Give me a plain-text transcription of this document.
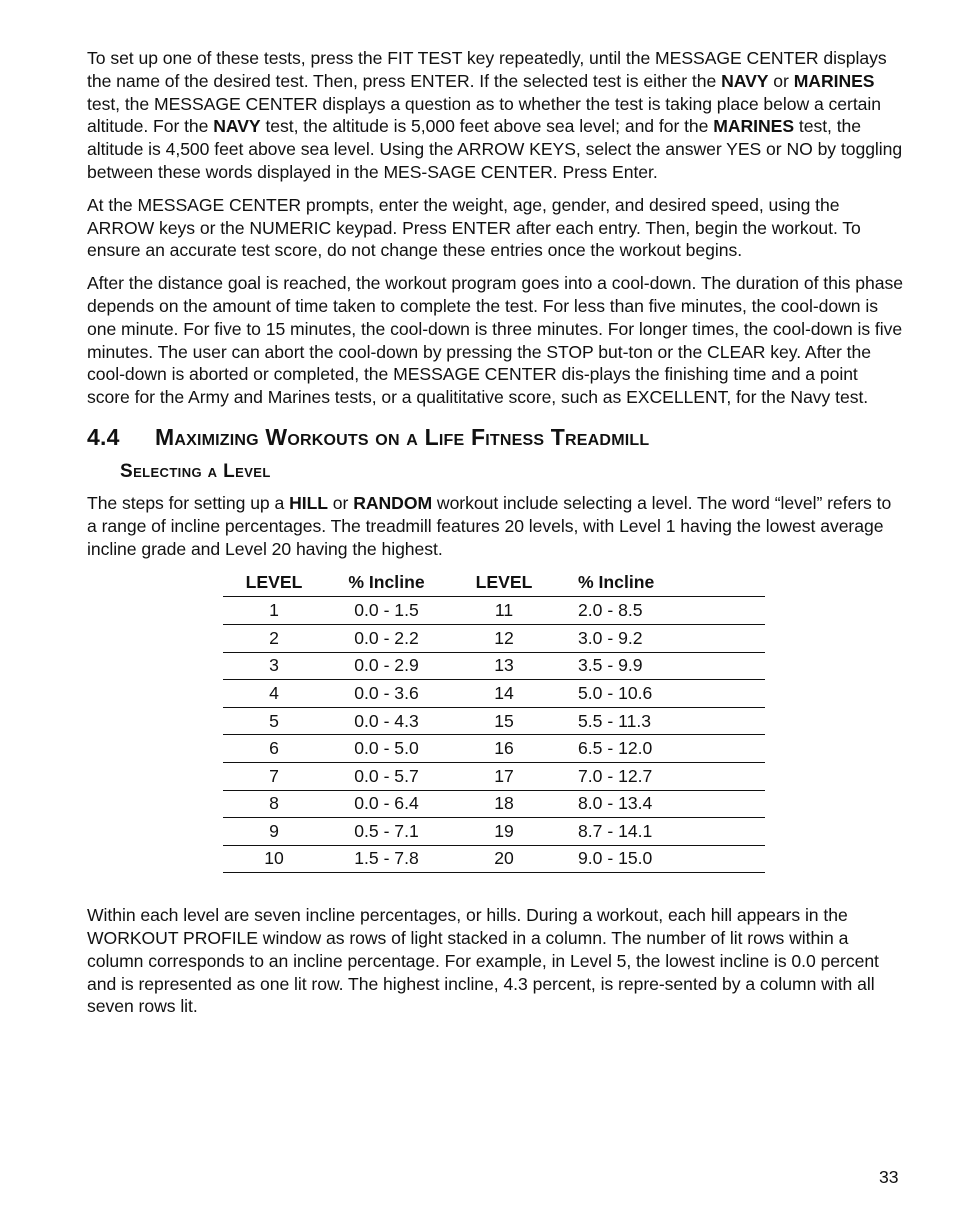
To set up one of these tests, press the FIT TEST key repeatedly, until the MESSAGE CENTER displays the name of the desired test. Then, press ENTER. If the selected test is either the NAVY or MARINES test, the MESSAGE CENTER displays a question as to whether the test is taking place below a certain altitude. For the NAVY test, the altitude is 5,000 feet above sea level; and for the MARINES test, the altitude is 4,500 feet above sea level. Using the ARROW KEYS, select the answer YES or NO by toggling between these words displayed in the MES-SAGE CENTER. Press Enter.

At the MESSAGE CENTER prompts, enter the weight, age, gender, and desired speed, using the ARROW keys or the NUMERIC keypad. Press ENTER after each entry. Then, begin the workout. To ensure an accurate test score, do not change these entries once the workout begins.

After the distance goal is reached, the workout program goes into a cool-down. The duration of this phase depends on the amount of time taken to complete the test. For less than five minutes, the cool-down is one minute. For five to 15 minutes, the cool-down is three minutes. For longer times, the cool-down is five minutes. The user can abort the cool-down by pressing the STOP but-ton or the CLEAR key. After the cool-down is aborted or completed, the MESSAGE CENTER dis-plays the finishing time and a point score for the Army and Marines tests, or a qualititative score, such as EXCELLENT, for the Navy test.

4.4 Maximizing Workouts on a Life Fitness Treadmill
Selecting a Level

The steps for setting up a HILL or RANDOM workout include selecting a level. The word “level” refers to a range of incline percentages. The treadmill features 20 levels, with Level 1 having the lowest average incline grade and Level 20 having the highest.

LEVEL	% Incline	LEVEL	% Incline
1	0.0 - 1.5	11	2.0 - 8.5
2	0.0 - 2.2	12	3.0 - 9.2
3	0.0 - 2.9	13	3.5 - 9.9
4	0.0 - 3.6	14	5.0 - 10.6
5	0.0 - 4.3	15	5.5 - 11.3
6	0.0 - 5.0	16	6.5 - 12.0
7	0.0 - 5.7	17	7.0 - 12.7
8	0.0 - 6.4	18	8.0 - 13.4
9	0.5 - 7.1	19	8.7 - 14.1
10	1.5 - 7.8	20	9.0 - 15.0

Within each level are seven incline percentages, or hills. During a workout, each hill appears in the WORKOUT PROFILE window as rows of light stacked in a column. The number of lit rows within a column corresponds to an incline percentage. For example, in Level 5, the lowest incline is 0.0 percent and is represented as one lit row. The highest incline, 4.3 percent, is repre-sented by a column with all seven rows lit.

33
